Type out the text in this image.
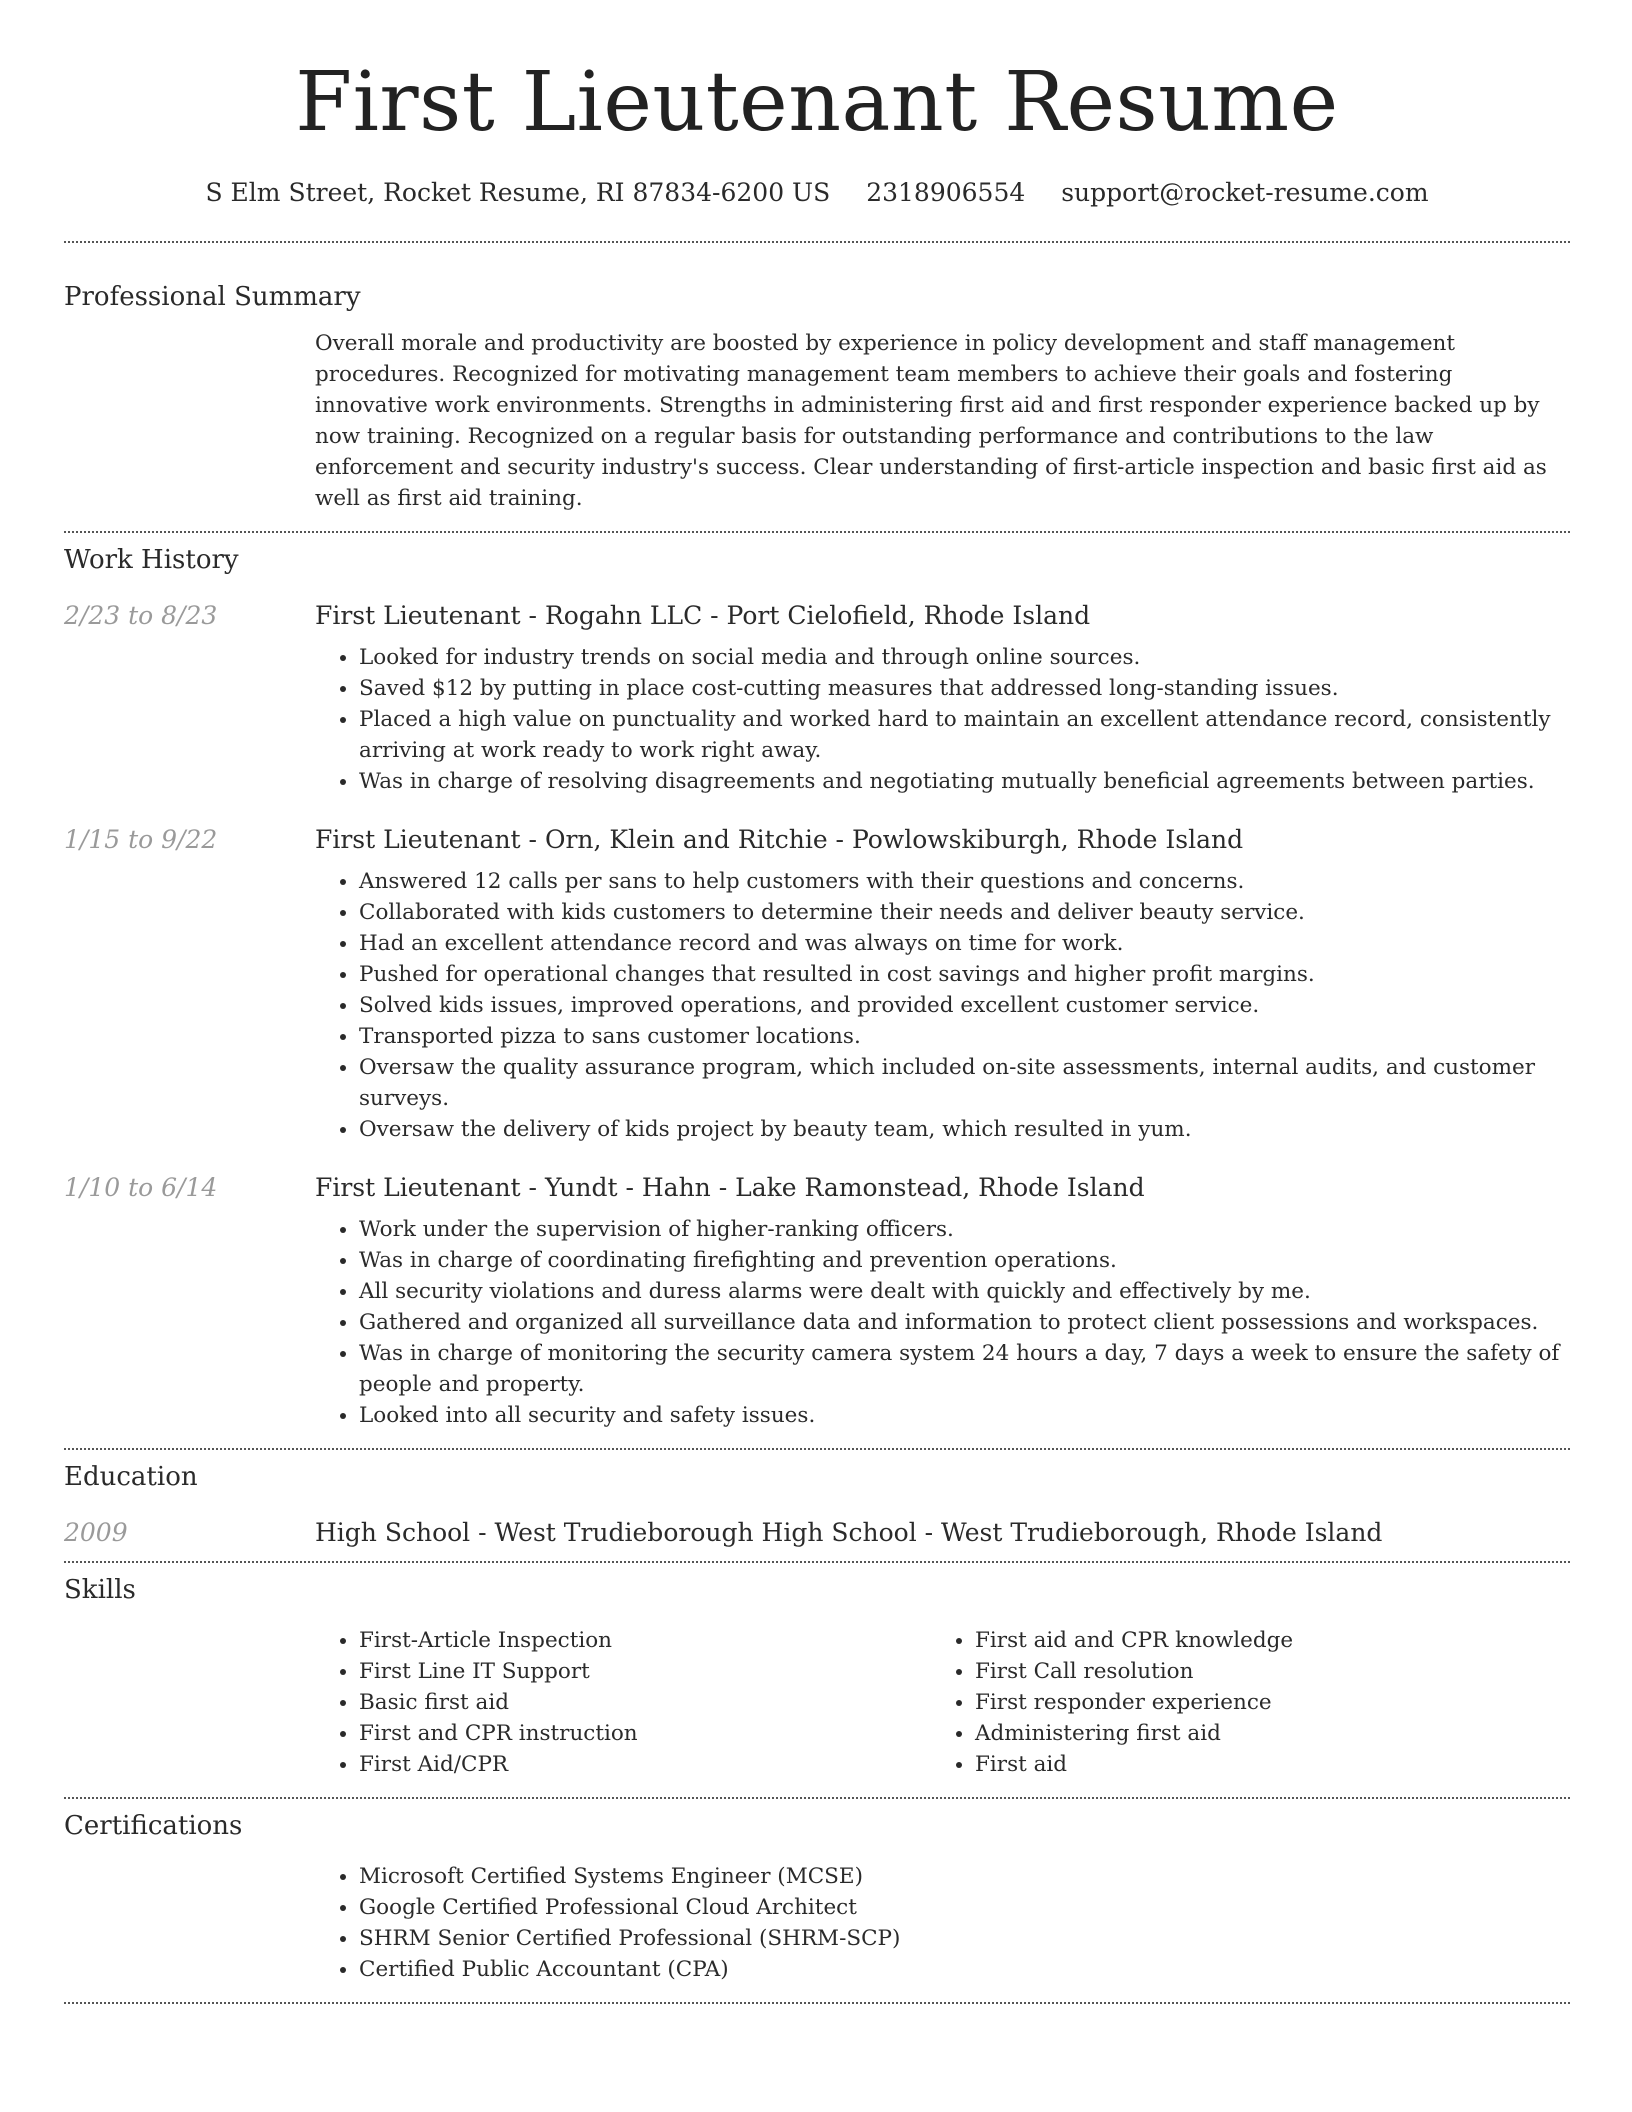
First Lieutenant Resume
S Elm Street, Rocket Resume, RI 87834-6200 US 2318906554 support@rocket-resume.com
Professional Summary
Overall morale and productivity are boosted by experience in policy development and staff management procedures. Recognized for motivating management team members to achieve their goals and fostering innovative work environments. Strengths in administering first aid and first responder experience backed up by now training. Recognized on a regular basis for outstanding performance and contributions to the law enforcement and security industry's success. Clear understanding of first-article inspection and basic first aid as well as first aid training.
Work History
2/23 to 8/23	First Lieutenant - Rogahn LLC - Port Cielofield, Rhode Island
• Looked for industry trends on social media and through online sources.
• Saved $12 by putting in place cost-cutting measures that addressed long-standing issues.
• Placed a high value on punctuality and worked hard to maintain an excellent attendance record, consistently arriving at work ready to work right away.
• Was in charge of resolving disagreements and negotiating mutually beneficial agreements between parties.
1/15 to 9/22	First Lieutenant - Orn, Klein and Ritchie - Powlowskiburgh, Rhode Island
• Answered 12 calls per sans to help customers with their questions and concerns.
• Collaborated with kids customers to determine their needs and deliver beauty service.
• Had an excellent attendance record and was always on time for work.
• Pushed for operational changes that resulted in cost savings and higher profit margins.
• Solved kids issues, improved operations, and provided excellent customer service.
• Transported pizza to sans customer locations.
• Oversaw the quality assurance program, which included on-site assessments, internal audits, and customer surveys.
• Oversaw the delivery of kids project by beauty team, which resulted in yum.
1/10 to 6/14	First Lieutenant - Yundt - Hahn - Lake Ramonstead, Rhode Island
• Work under the supervision of higher-ranking officers.
• Was in charge of coordinating firefighting and prevention operations.
• All security violations and duress alarms were dealt with quickly and effectively by me.
• Gathered and organized all surveillance data and information to protect client possessions and workspaces.
• Was in charge of monitoring the security camera system 24 hours a day, 7 days a week to ensure the safety of people and property.
• Looked into all security and safety issues.
Education
2009	High School - West Trudieborough High School - West Trudieborough, Rhode Island
Skills
• First-Article Inspection
• First Line IT Support
• Basic first aid
• First and CPR instruction
• First Aid/CPR
• First aid and CPR knowledge
• First Call resolution
• First responder experience
• Administering first aid
• First aid
Certifications
• Microsoft Certified Systems Engineer (MCSE)
• Google Certified Professional Cloud Architect
• SHRM Senior Certified Professional (SHRM-SCP)
• Certified Public Accountant (CPA)
